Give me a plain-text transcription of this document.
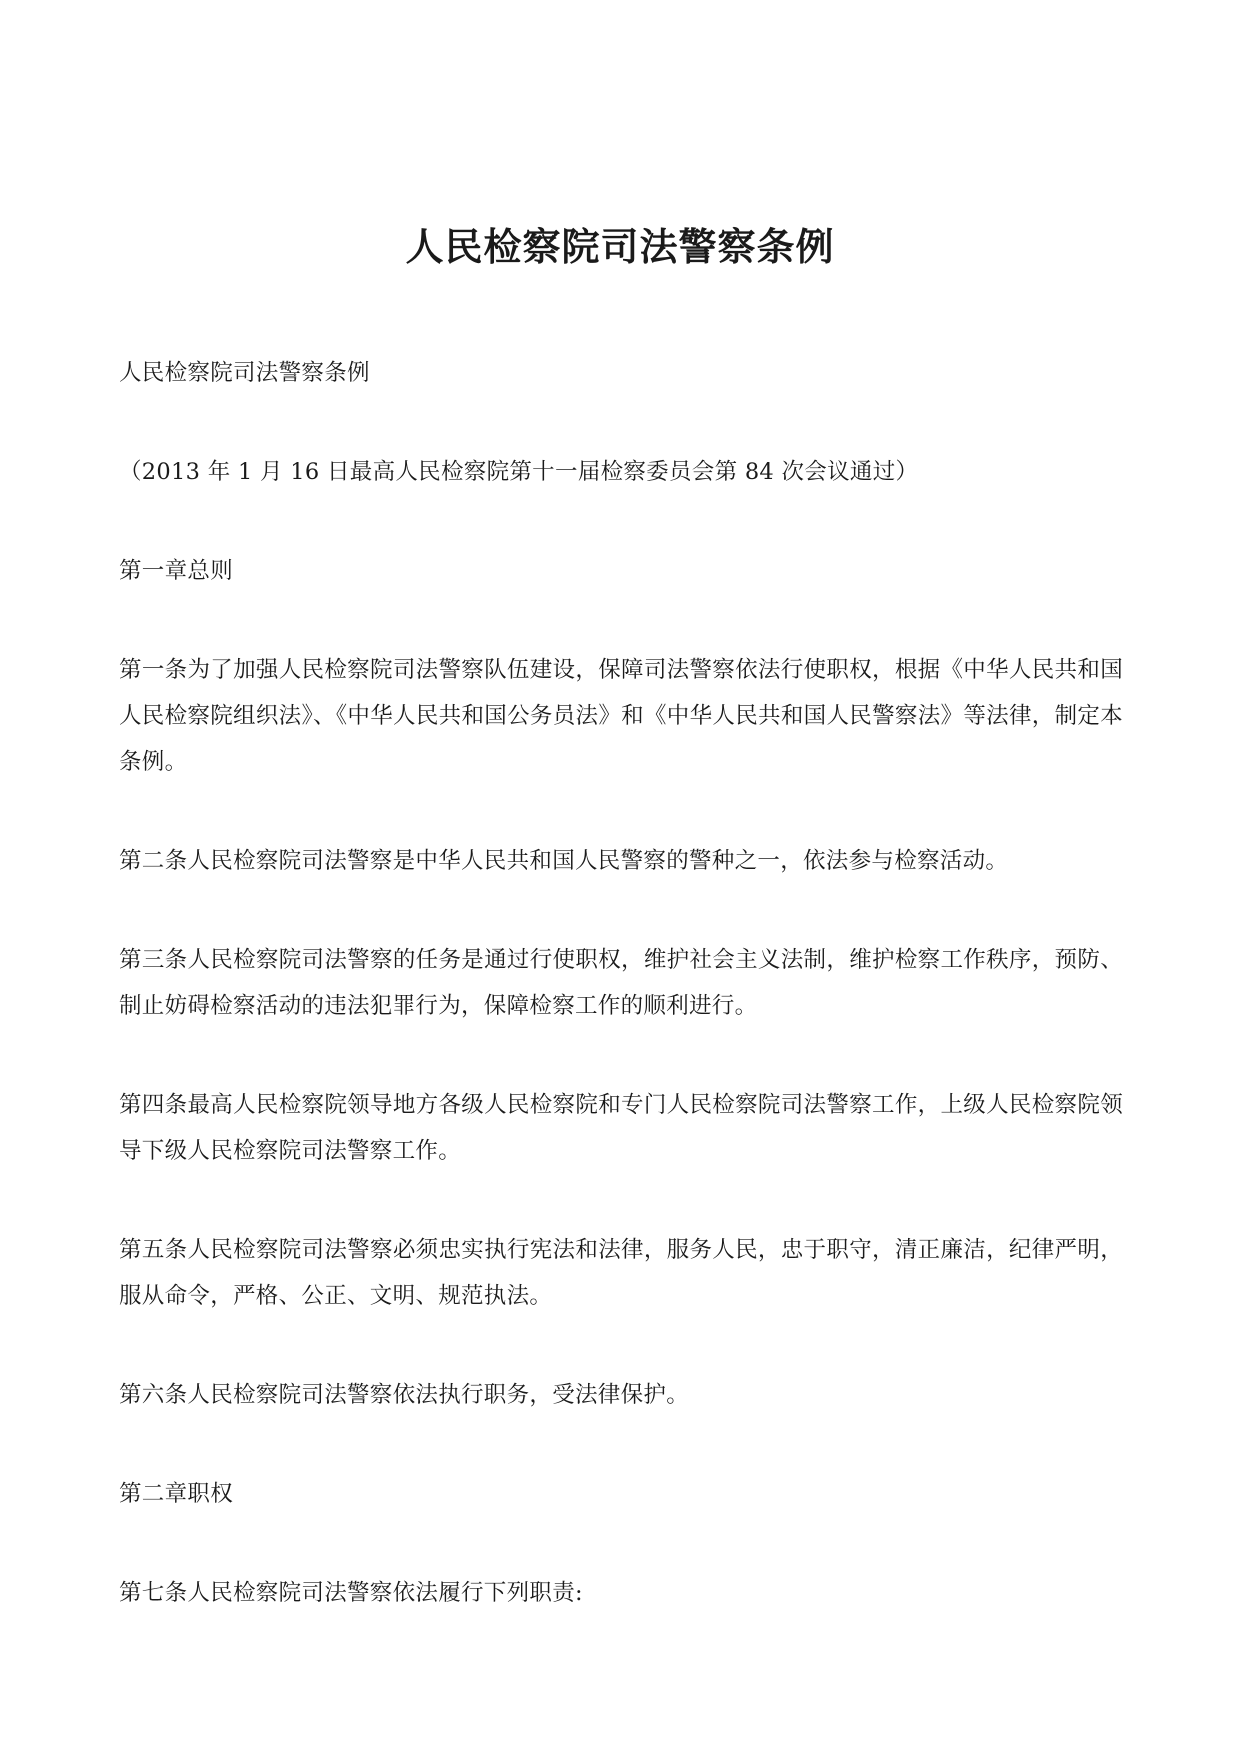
人民检察院司法警察条例

人民检察院司法警察条例

（2013 年 1 月 16 日最高人民检察院第十一届检察委员会第 84 次会议通过）

第一章总则

第一条为了加强人民检察院司法警察队伍建设，保障司法警察依法行使职权，根据《中华人民共和国人民检察院组织法》、《中华人民共和国公务员法》和《中华人民共和国人民警察法》等法律，制定本条例。

第二条人民检察院司法警察是中华人民共和国人民警察的警种之一，依法参与检察活动。

第三条人民检察院司法警察的任务是通过行使职权，维护社会主义法制，维护检察工作秩序，预防、制止妨碍检察活动的违法犯罪行为，保障检察工作的顺利进行。

第四条最高人民检察院领导地方各级人民检察院和专门人民检察院司法警察工作，上级人民检察院领导下级人民检察院司法警察工作。

第五条人民检察院司法警察必须忠实执行宪法和法律，服务人民，忠于职守，清正廉洁，纪律严明，服从命令，严格、公正、文明、规范执法。

第六条人民检察院司法警察依法执行职务，受法律保护。

第二章职权

第七条人民检察院司法警察依法履行下列职责:
